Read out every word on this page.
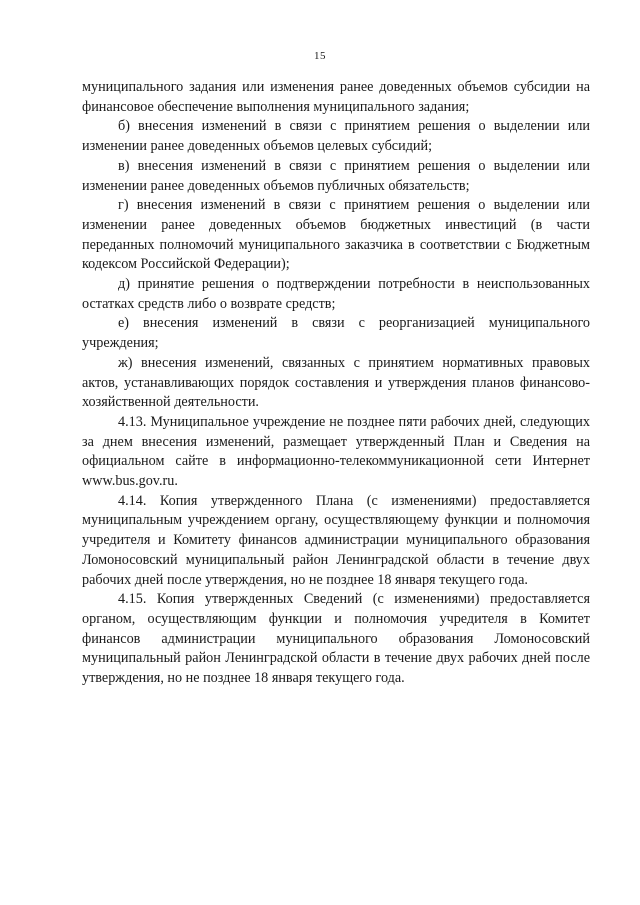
15

муниципального задания или изменения ранее доведенных объемов субсидии на финансовое обеспечение выполнения муниципального задания;

б) внесения изменений в связи с принятием решения о выделении или изменении ранее доведенных объемов целевых субсидий;

в) внесения изменений в связи с принятием решения о выделении или изменении ранее доведенных объемов публичных обязательств;

г) внесения изменений в связи с принятием решения о выделении или изменении ранее доведенных объемов бюджетных инвестиций (в части переданных полномочий муниципального заказчика в соответствии с Бюджетным кодексом Российской Федерации);

д) принятие решения о подтверждении потребности в неиспользованных остатках средств либо о возврате средств;

е) внесения изменений в связи с реорганизацией муниципального учреждения;

ж) внесения изменений, связанных с принятием нормативных правовых актов, устанавливающих порядок составления и утверждения планов финансово-хозяйственной деятельности.

4.13. Муниципальное учреждение не позднее пяти рабочих дней, следующих за днем внесения изменений, размещает утвержденный План и Сведения на официальном сайте в информационно-телекоммуникационной сети Интернет www.bus.gov.ru.

4.14. Копия утвержденного Плана (с изменениями) предоставляется муниципальным учреждением органу, осуществляющему функции и полномочия учредителя и Комитету финансов администрации муниципального образования Ломоносовский муниципальный район Ленинградской области в течение двух рабочих дней после утверждения, но не позднее 18 января текущего года.

4.15. Копия утвержденных Сведений (с изменениями) предоставляется органом, осуществляющим функции и полномочия учредителя в Комитет финансов администрации муниципального образования Ломоносовский муниципальный район Ленинградской области в течение двух рабочих дней после утверждения, но не позднее 18 января текущего года.
